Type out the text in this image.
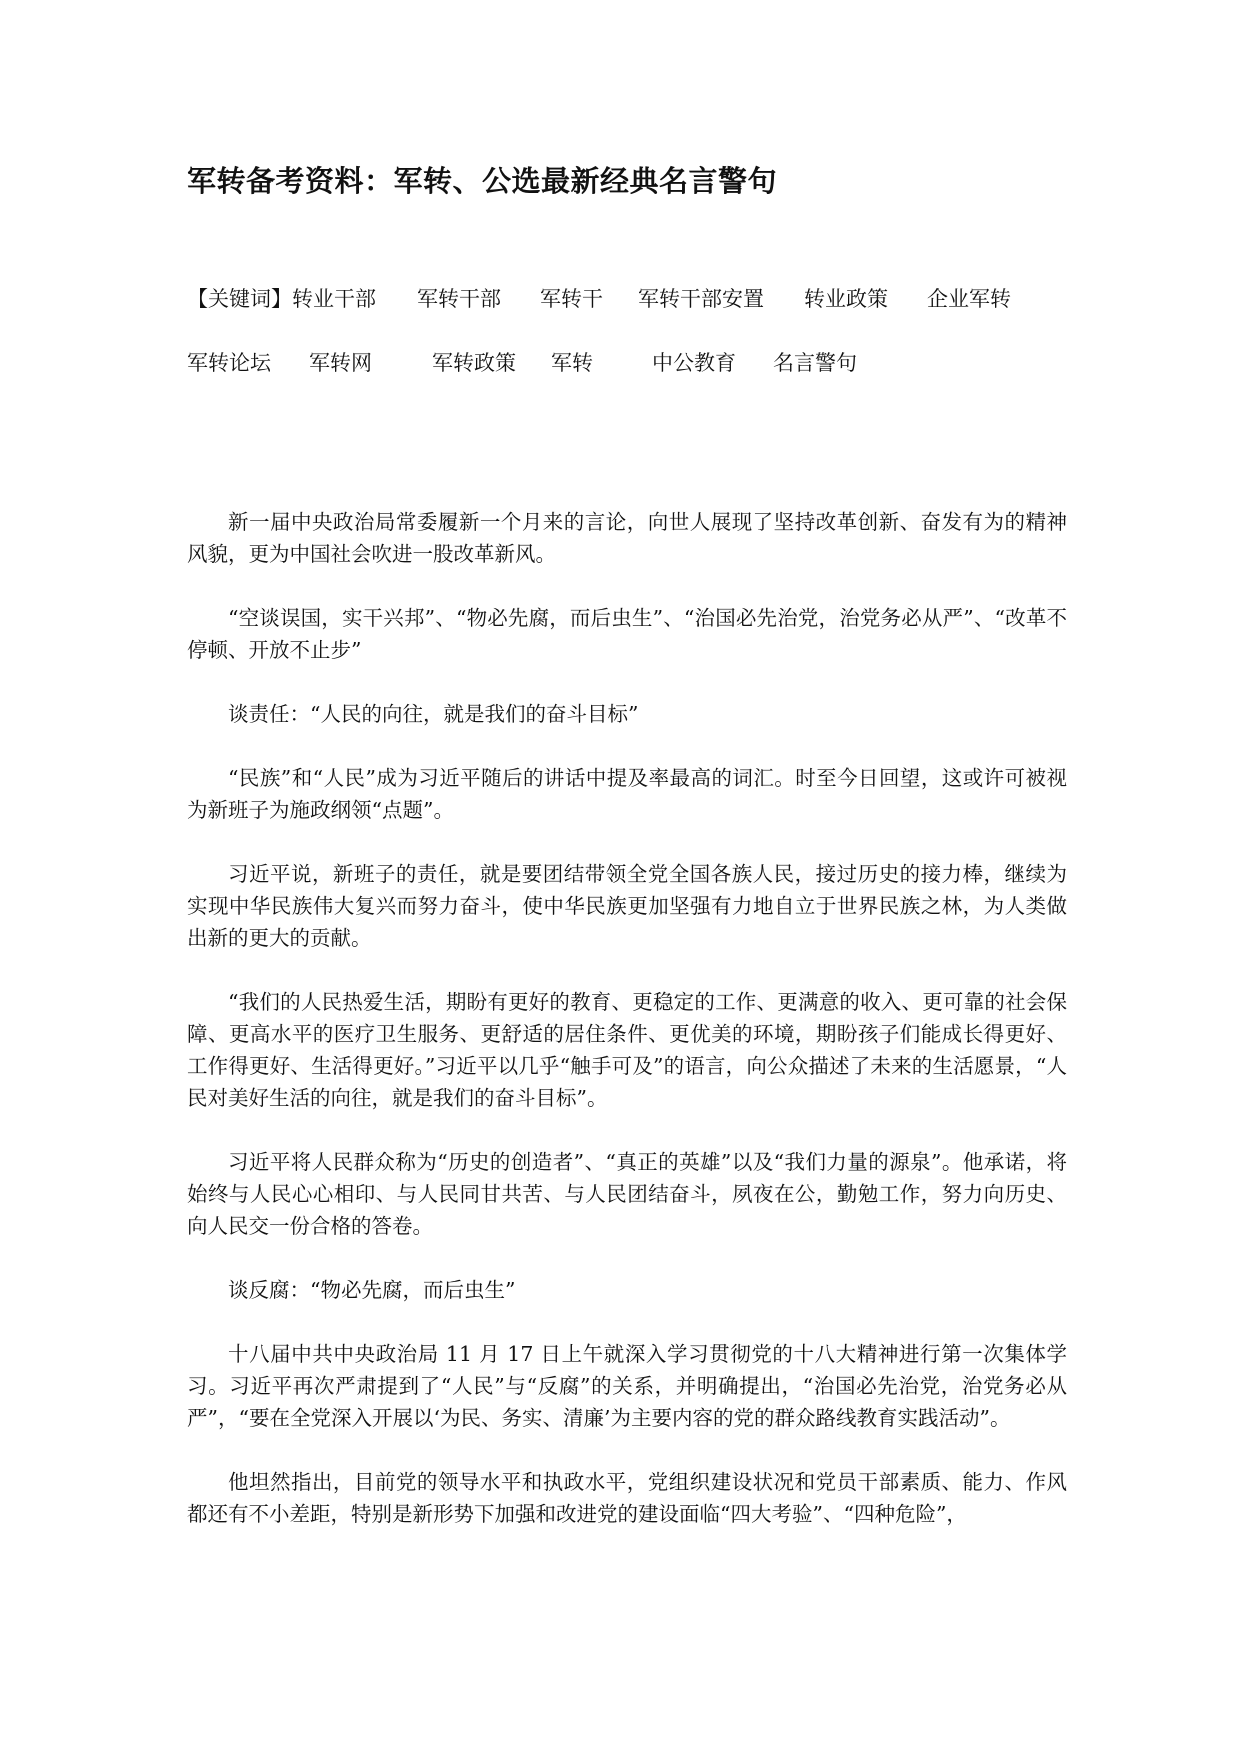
军转备考资料：军转、公选最新经典名言警句
【关键词】转业干部 军转干部 军转干 军转干部安置 转业政策 企业军转
军转论坛 军转网	军转政策 军转	中公教育 名言警句

新一届中央政治局常委履新一个月来的言论，向世人展现了坚持改革创新、奋发有为的精神风貌，更为中国社会吹进一股改革新风。

“空谈误国，实干兴邦”、“物必先腐，而后虫生”、“治国必先治党，治党务必从严”、“改革不停顿、开放不止步”

谈责任：“人民的向往，就是我们的奋斗目标”

“民族”和“人民”成为习近平随后的讲话中提及率最高的词汇。时至今日回望，这或许可被视为新班子为施政纲领“点题”。

习近平说，新班子的责任，就是要团结带领全党全国各族人民，接过历史的接力棒，继续为实现中华民族伟大复兴而努力奋斗，使中华民族更加坚强有力地自立于世界民族之林，为人类做出新的更大的贡献。

“我们的人民热爱生活，期盼有更好的教育、更稳定的工作、更满意的收入、更可靠的社会保障、更高水平的医疗卫生服务、更舒适的居住条件、更优美的环境，期盼孩子们能成长得更好、工作得更好、生活得更好。”习近平以几乎“触手可及”的语言，向公众描述了未来的生活愿景，“人民对美好生活的向往，就是我们的奋斗目标”。

习近平将人民群众称为“历史的创造者”、“真正的英雄”以及“我们力量的源泉”。他承诺，将始终与人民心心相印、与人民同甘共苦、与人民团结奋斗，夙夜在公，勤勉工作，努力向历史、向人民交一份合格的答卷。

谈反腐：“物必先腐，而后虫生”

十八届中共中央政治局 11 月 17 日上午就深入学习贯彻党的十八大精神进行第一次集体学习。习近平再次严肃提到了“人民”与“反腐”的关系，并明确提出，“治国必先治党，治党务必从严”，“要在全党深入开展以‘为民、务实、清廉’为主要内容的党的群众路线教育实践活动”。

他坦然指出，目前党的领导水平和执政水平，党组织建设状况和党员干部素质、能力、作风都还有不小差距，特别是新形势下加强和改进党的建设面临“四大考验”、“四种危险”，
